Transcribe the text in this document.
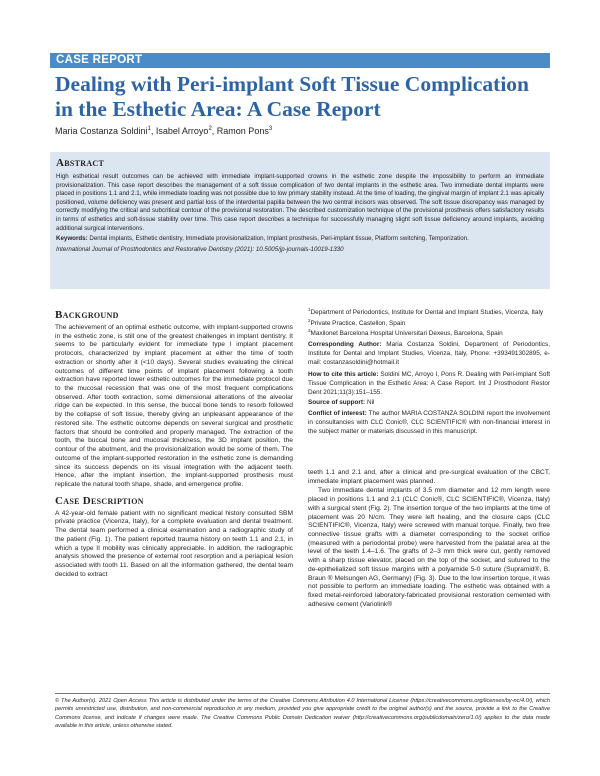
CASE REPORT
Dealing with Peri-implant Soft Tissue Complication in the Esthetic Area: A Case Report
Maria Costanza Soldini$^1$, Isabel Arroyo$^2$, Ramon Pons$^3$
Abstract

High esthetical result outcomes can be achieved with immediate implant-supported crowns in the esthetic zone despite the impossibility to perform an immediate provisionalization. This case report describes the management of a soft tissue complication of two dental implants in the esthetic area. Two immediate dental implants were placed in positions 1.1 and 2.1, while immediate loading was not possible due to low primary stability instead. At the time of loading, the gingival margin of implant 2.1 was apically positioned, volume deficiency was present and partial loss of the interdental papilla between the two central incisors was observed. The soft tissue discrepancy was managed by correctly modifying the critical and subcritical contour of the provisional restoration. The described customization technique of the provisional prosthesis offers satisfactory results in terms of esthetics and soft-tissue stability over time. This case report describes a technique for successfully managing slight soft tissue deficiency around implants, avoiding additional surgical interventions.

Keywords: Dental implants, Esthetic dentistry, Immediate provisionalization, Implant prosthesis, Peri-implant tissue, Platform switching, Temporization.

International Journal of Prosthodontics and Restorative Dentistry (2021): 10.5005/jp-journals-10019-1330

Background

The achievement of an optimal esthetic outcome, with implant-supported crowns in the esthetic zone, is still one of the greatest challenges in implant dentistry. It seems to be particularly evident for immediate type I implant placement protocols, characterized by implant placement at either the time of tooth extraction or shortly after it (<10 days). Several studies evaluating the clinical outcomes of different time points of implant placement following a tooth extraction have reported lower esthetic outcomes for the immediate protocol due to the mucosal recession that was one of the most frequent complications observed. After tooth extraction, some dimensional alterations of the alveolar ridge can be expected. In this sense, the buccal bone tends to resorb followed by the collapse of soft tissue, thereby giving an unpleasant appearance of the restored site. The esthetic outcome depends on several surgical and prosthetic factors that should be controlled and properly managed. The extraction of the tooth, the buccal bone and mucosal thickness, the 3D implant position, the contour of the abutment, and the provisionalization would be some of them. The outcome of the implant-supported restoration in the esthetic zone is demanding since its success depends on its visual integration with the adjacent teeth. Hence, after the implant insertion, the implant-supported prosthesis must replicate the natural tooth shape, shade, and emergence profile.

Case Description

A 42-year-old female patient with no significant medical history consulted SBM private practice (Vicenza, Italy), for a complete evaluation and dental treatment. The dental team performed a clinical examination and a radiographic study of the patient (Fig. 1). The patient reported trauma history on teeth 1.1 and 2.1, in which a type II mobility was clinically appreciable. In addition, the radiographic analysis showed the presence of external root resorption and a periapical lesion associated with tooth 11. Based on all the information gathered, the dental team decided to extract

$^1$Department of Periodontics, Institute for Dental and Implant Studies, Vicenza, Italy

$^2$Private Practice, Castellon, Spain

$^3$Maxilonet Barcelona Hospital Universitari Dexeus, Barcelona, Spain

Corresponding Author: Maria Costanza Soldini, Department of Periodontics, Institute for Dental and Implant Studies, Vicenza, Italy, Phone: +393491302895, e-mail: costanzasoldini@hotmail.it

How to cite this article: Soldini MC, Arroyo I, Pons R. Dealing with Peri-implant Soft Tissue Complication in the Esthetic Area: A Case Report. Int J Prosthodont Restor Dent 2021;11(3):151–155.

Source of support: Nil

Conflict of interest: The author MARIA COSTANZA SOLDINI report the involvement in consultancies with CLC Conic®, CLC SCIENTIFIC® with non-financial interest in the subject matter or materials discussed in this manuscript.

teeth 1.1 and 2.1 and, after a clinical and pre-surgical evaluation of the CBCT, immediate implant placement was planned.

Two immediate dental implants of 3.5 mm diameter and 12 mm length were placed in positions 1.1 and 2.1 (CLC Conic®, CLC SCIENTIFIC®, Vicenza, Italy) with a surgical stent (Fig. 2). The insertion torque of the two implants at the time of placement was 20 N/cm. They were left healing, and the closure caps (CLC SCIENTIFIC®, Vicenza, Italy) were screwed with manual torque. Finally, two free connective tissue grafts with a diameter corresponding to the socket orifice (measured with a periodontal probe) were harvested from the palatal area at the level of the teeth 1.4–1.6. The grafts of 2–3 mm thick were cut, gently removed with a sharp tissue elevator, placed on the top of the socket, and sutured to the de-epithelialized soft tissue margins with a polyamide 5-0 suture (Supramid®, B. Braun ® Melsungen AG, Germany) (Fig. 3). Due to the low insertion torque, it was not possible to perform an immediate loading. The esthetic was obtained with a fixed metal-reinforced laboratory-fabricated provisional restoration cemented with adhesive cement (Variolink®

© The Author(s). 2021 Open Access This article is distributed under the terms of the Creative Commons Attribution 4.0 International License (https://creativecommons.org/licenses/by-nc/4.0/), which permits unrestricted use, distribution, and non-commercial reproduction in any medium, provided you give appropriate credit to the original author(s) and the source, provide a link to the Creative Commons license, and indicate if changes were made. The Creative Commons Public Domain Dedication waiver (http://creativecommons.org/publicdomain/zero/1.0/) applies to the data made available in this article, unless otherwise stated.
